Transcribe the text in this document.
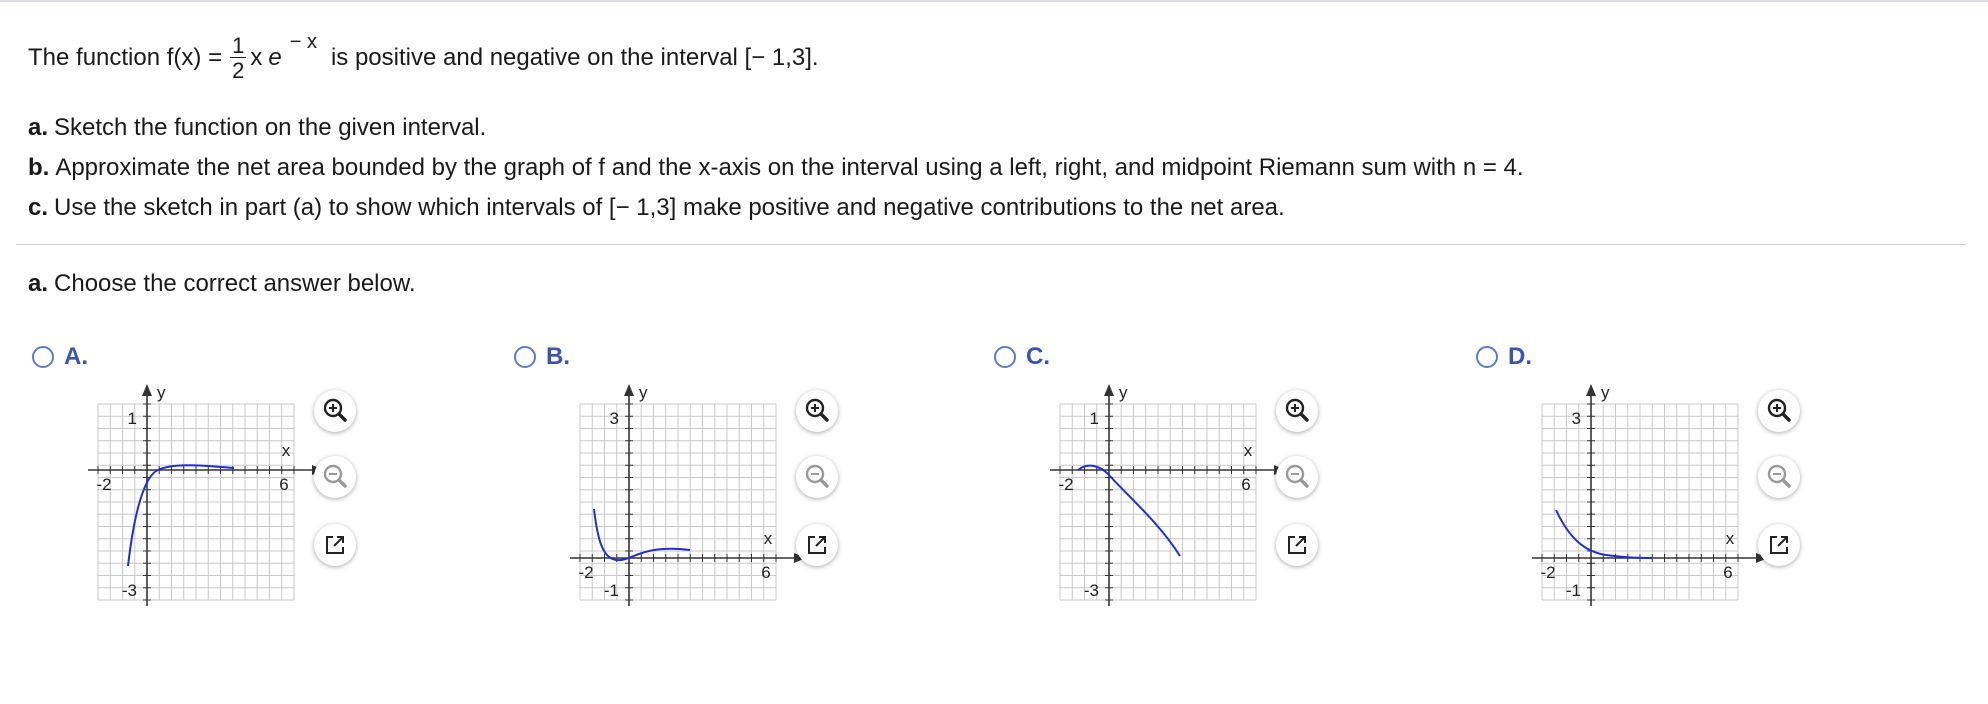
The function $f(x) = \frac{1}{2}$ x e
− x
is positive and negative on the interval [− 1,3].
a. Sketch the function on the given interval.
b. Approximate the net area bounded by the graph of f and the x-axis on the interval using a left, right, and midpoint Riemann sum with n = 4.
c. Use the sketch in part (a) to show which intervals of [− 1,3] make positive and negative contributions to the net area.
a. Choose the correct answer below.
A.
y
x
-2	6
1
-3
B.
y
x
-2	6
3
-1
C.
y
x
-2	6
1
-3
D.
y
x
-2	6
3
-1
